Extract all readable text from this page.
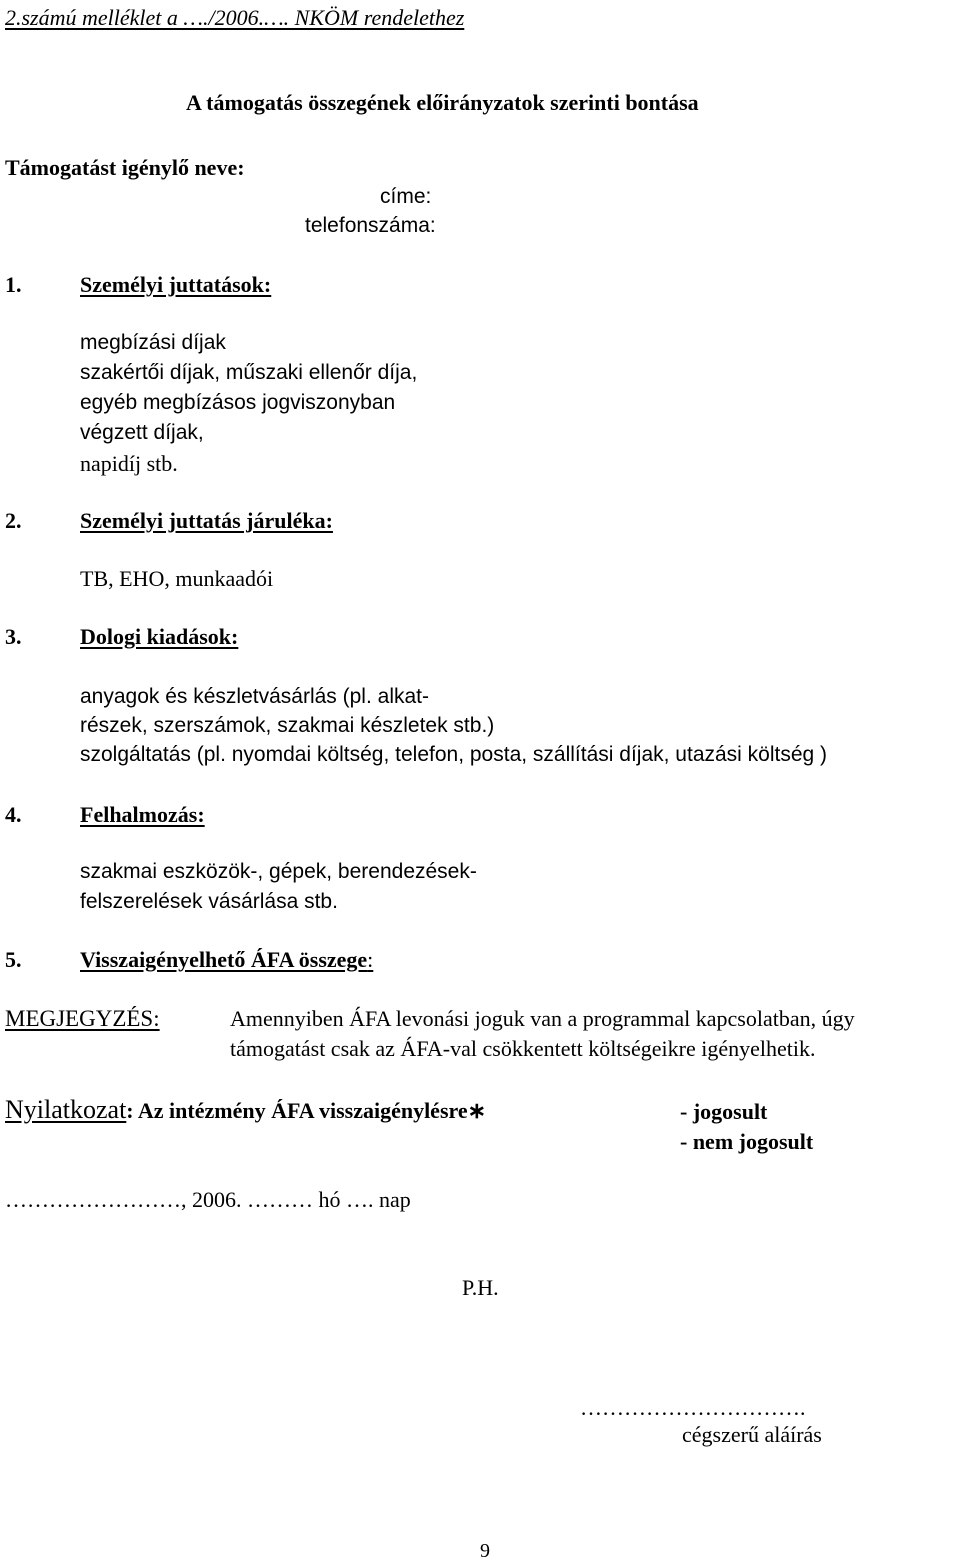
2.számú melléklet a …./2006.…. NKÖM rendelethez
A támogatás összegének előirányzatok szerinti bontása
Támogatást igénylő neve:
címe:
telefonszáma:
1.	Személyi juttatások:
megbízási díjak
szakértői díjak, műszaki ellenőr díja,
egyéb megbízásos jogviszonyban
végzett díjak,
napidíj stb.
2.	Személyi juttatás járuléka:
TB, EHO, munkaadói
3.	Dologi kiadások:
anyagok és készletvásárlás (pl. alkat-
részek, szerszámok, szakmai készletek stb.)
szolgáltatás (pl. nyomdai költség, telefon, posta, szállítási díjak, utazási költség )
4.	Felhalmozás:
szakmai eszközök-, gépek, berendezések-
felszerelések vásárlása stb.
5.	Visszaigényelhető ÁFA összege:
MEGJEGYZÉS:	Amennyiben ÁFA levonási joguk van a programmal kapcsolatban, úgy
támogatást csak az ÁFA-val csökkentett költségeikre igényelhetik.
Nyilatkozat: Az intézmény ÁFA visszaigénylésre∗	- jogosult
- nem jogosult
……………………, 2006. ……… hó …. nap
P.H.
………………………….
cégszerű aláírás
9
